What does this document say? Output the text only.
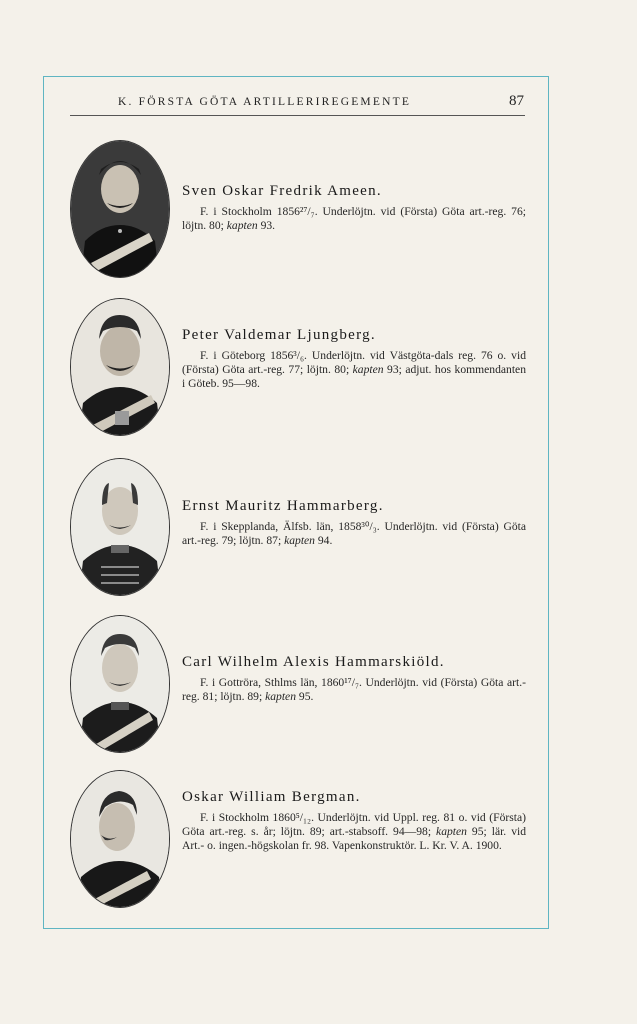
K. FÖRSTA GÖTA ARTILLERIREGEMENTE	87
Sven Oskar Fredrik Ameen.
F. i Stockholm 1856²⁷/₇. Underlöjtn. vid (Första) Göta art.-reg. 76; löjtn. 80; kapten 93.
Peter Valdemar Ljungberg.
F. i Göteborg 1856³/₆. Underlöjtn. vid Västgöta-dals reg. 76 o. vid (Första) Göta art.-reg. 77; löjtn. 80; kapten 93; adjut. hos kommendanten i Göteb. 95—98.
Ernst Mauritz Hammarberg.
F. i Skepplanda, Älfsb. län, 1858³⁰/₃. Underlöjtn. vid (Första) Göta art.-reg. 79; löjtn. 87; kapten 94.
Carl Wilhelm Alexis Hammarskiöld.
F. i Gottröra, Sthlms län, 1860¹⁷/₇. Underlöjtn. vid (Första) Göta art.-reg. 81; löjtn. 89; kapten 95.
Oskar William Bergman.
F. i Stockholm 1860⁵/₁₂. Underlöjtn. vid Uppl. reg. 81 o. vid (Första) Göta art.-reg. s. år; löjtn. 89; art.-stabsoff. 94—98; kapten 95; lär. vid Art.- o. ingen.-högskolan fr. 98. Vapenkonstruktör. L. Kr. V. A. 1900.
